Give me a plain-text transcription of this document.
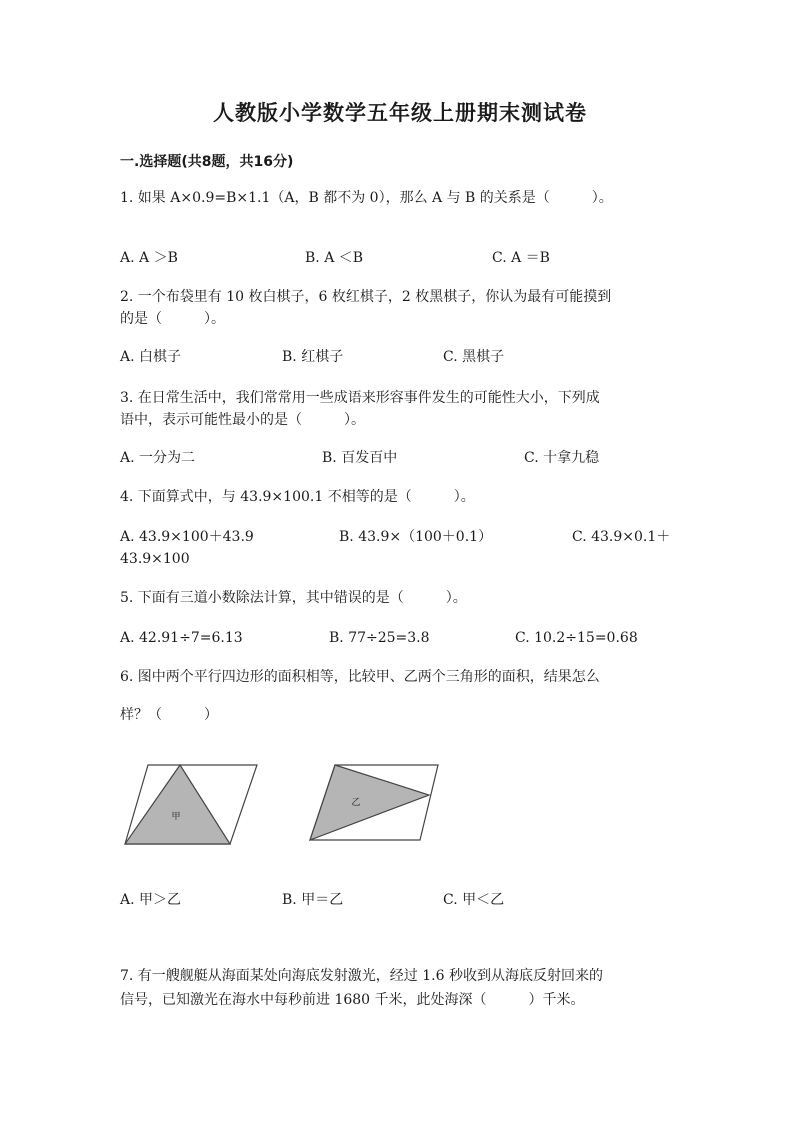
人教版小学数学五年级上册期末测试卷
一.选择题(共8题，共16分)
1. 如果 A×0.9=B×1.1（A，B 都不为 0），那么 A 与 B 的关系是（　　　）。
A. A ＞B	B. A ＜B	C. A ＝B
2. 一个布袋里有 10 枚白棋子，6 枚红棋子，2 枚黑棋子，你认为最有可能摸到
的是（　　　）。
A. 白棋子	B. 红棋子	C. 黑棋子
3. 在日常生活中，我们常常用一些成语来形容事件发生的可能性大小，下列成
语中，表示可能性最小的是（　　　）。
A. 一分为二	B. 百发百中	C. 十拿九稳
4. 下面算式中，与 43.9×100.1 不相等的是（　　　）。
A. 43.9×100＋43.9	B. 43.9×（100＋0.1）	C. 43.9×0.1＋
43.9×100
5. 下面有三道小数除法计算，其中错误的是（　　　）。
A. 42.91÷7=6.13	B. 77÷25=3.8	C. 10.2÷15=0.68
6. 图中两个平行四边形的面积相等，比较甲、乙两个三角形的面积，结果怎么
样？（　　　）
甲
乙
A. 甲＞乙	B. 甲＝乙	C. 甲＜乙
7. 有一艘舰艇从海面某处向海底发射激光，经过 1.6 秒收到从海底反射回来的
信号，已知激光在海水中每秒前进 1680 千米，此处海深（　　　）千米。
